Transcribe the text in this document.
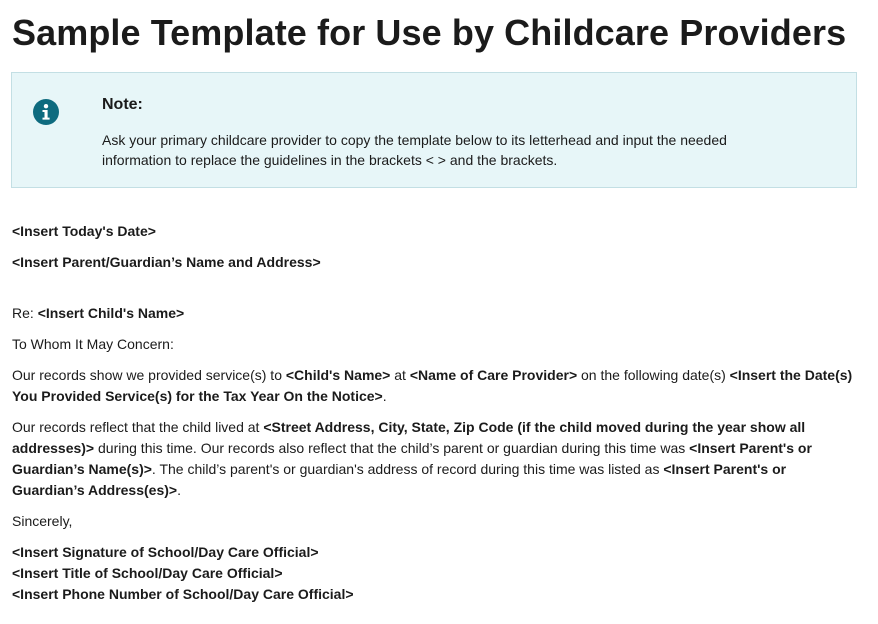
Sample Template for Use by Childcare Providers
Note:
Ask your primary childcare provider to copy the template below to its letterhead and input the needed information to replace the guidelines in the brackets < > and the brackets.

<Insert Today's Date>

<Insert Parent/Guardian’s Name and Address>

Re: <Insert Child's Name>

To Whom It May Concern:

Our records show we provided service(s) to <Child's Name> at <Name of Care Provider> on the following date(s) <Insert the Date(s) You Provided Service(s) for the Tax Year On the Notice>.

Our records reflect that the child lived at <Street Address, City, State, Zip Code (if the child moved during the year show all addresses)> during this time. Our records also reflect that the child’s parent or guardian during this time was <Insert Parent's or Guardian’s Name(s)>. The child’s parent's or guardian's address of record during this time was listed as <Insert Parent's or Guardian’s Address(es)>.

Sincerely,

<Insert Signature of School/Day Care Official>

<Insert Title of School/Day Care Official>

<Insert Phone Number of School/Day Care Official>
